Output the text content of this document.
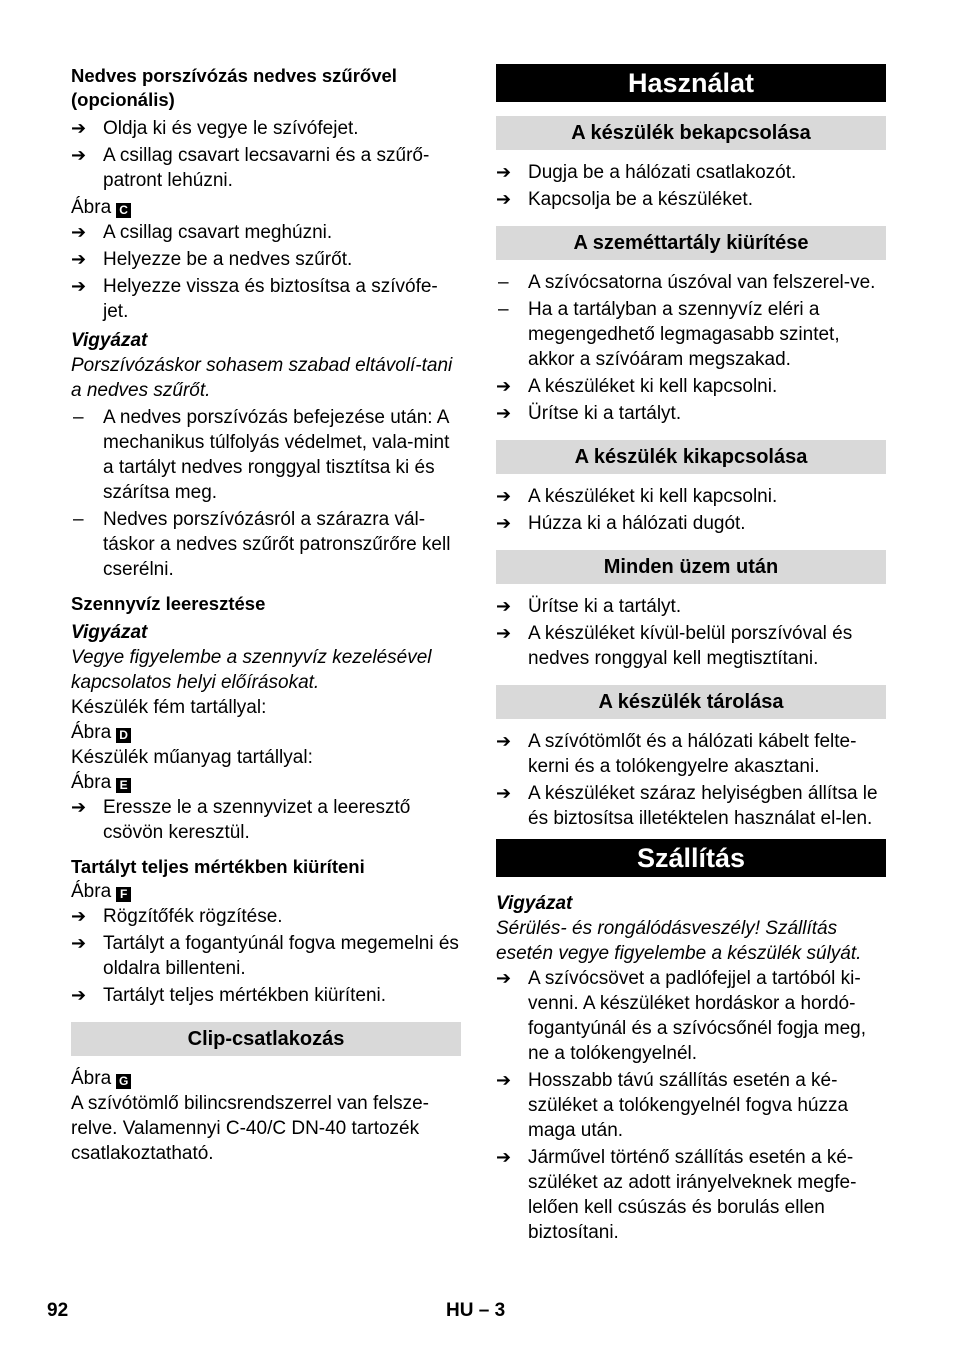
Nedves porszívózás nedves szűrővel
(opcionális)
➔ Oldja ki és vegye le szívófejet.
➔ A csillag csavart lecsavarni és a szűrő-patront lehúzni.
Ábra C
➔ A csillag csavart meghúzni.
➔ Helyezze be a nedves szűrőt.
➔ Helyezze vissza és biztosítsa a szívófe-jet.
Vigyázat
Porszívózáskor sohasem szabad eltávolí-tani a nedves szűrőt.
–	A nedves porszívózás befejezése után: A mechanikus túlfolyás védelmet, vala-mint a tartályt nedves ronggyal tisztítsa ki és szárítsa meg.
–	Nedves porszívózásról a szárazra vál-táskor a nedves szűrőt patronszűrőre kell cserélni.
Szennyvíz leeresztése
Vigyázat
Vegye figyelembe a szennyvíz kezelésével kapcsolatos helyi előírásokat.
Készülék fém tartállyal:
Ábra D
Készülék műanyag tartállyal:
Ábra E
➔ Eressze le a szennyvizet a leeresztő csövön keresztül.
Tartályt teljes mértékben kiüríteni
Ábra F
➔ Rögzítőfék rögzítése.
➔ Tartályt a fogantyúnál fogva megemelni és oldalra billenteni.
➔ Tartályt teljes mértékben kiüríteni.
Clip-csatlakozás
Ábra G
A szívótömlő bilincsrendszerrel van felsze-relve. Valamennyi C-40/C DN-40 tartozék csatlakoztatható.
Használat
A készülék bekapcsolása
➔ Dugja be a hálózati csatlakozót.
➔ Kapcsolja be a készüléket.
A szeméttartály kiürítése
–	A szívócsatorna úszóval van felszerel-ve.
–	Ha a tartályban a szennyvíz eléri a megengedhető legmagasabb szintet, akkor a szívóáram megszakad.
➔ A készüléket ki kell kapcsolni.
➔ Ürítse ki a tartályt.
A készülék kikapcsolása
➔ A készüléket ki kell kapcsolni.
➔ Húzza ki a hálózati dugót.
Minden üzem után
➔ Ürítse ki a tartályt.
➔ A készüléket kívül-belül porszívóval és nedves ronggyal kell megtisztítani.
A készülék tárolása
➔ A szívótömlőt és a hálózati kábelt felte-kerni és a tolókengyelre akasztani.
➔ A készüléket száraz helyiségben állítsa le és biztosítsa illetéktelen használat el-len.
Szállítás
Vigyázat
Sérülés- és rongálódásveszély! Szállítás esetén vegye figyelembe a készülék súlyát.
➔ A szívócsövet a padlófejjel a tartóból ki-venni. A készüléket hordáskor a hordó-fogantyúnál és a szívócsőnél fogja meg, ne a tolókengyelnél.
➔ Hosszabb távú szállítás esetén a ké-szüléket a tolókengyelnél fogva húzza maga után.
➔ Járművel történő szállítás esetén a ké-szüléket az adott irányelveknek megfe-lelően kell csúszás és borulás ellen biztosítani.
92	HU – 3
